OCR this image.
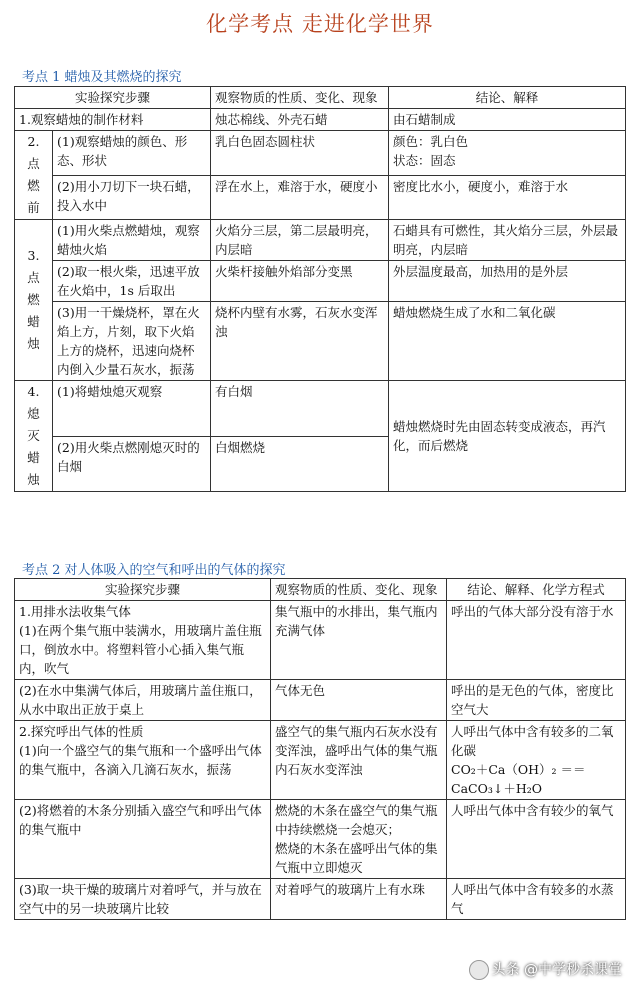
化学考点 走进化学世界
考点 1 蜡烛及其燃烧的探究
实验探究步骤		观察物质的性质、变化、现象	结论、解释
1.观察蜡烛的制作材料		烛芯棉线、外壳石蜡	由石蜡制成

2.
点
燃
前	(1)观察蜡烛的颜色、形态、形状	乳白色固态圆柱状	颜色：乳白色
状态：固态
	(2)用小刀切下一块石蜡，投入水中	浮在水上，难溶于水，硬度小	密度比水小，硬度小，难溶于水

3.
点
燃
蜡
烛	(1)用火柴点燃蜡烛，观察蜡烛火焰	火焰分三层，第二层最明亮，内层暗	石蜡具有可燃性，其火焰分三层，外层最明亮，内层暗
	(2)取一根火柴，迅速平放在火焰中，1s 后取出	火柴杆接触外焰部分变黑	外层温度最高，加热用的是外层
	(3)用一干燥烧杯，罩在火焰上方，片刻，取下火焰上方的烧杯，迅速向烧杯内倒入少量石灰水，振荡	烧杯内壁有水雾，石灰水变浑浊	蜡烛燃烧生成了水和二氧化碳

4.
熄
灭
蜡
烛	(1)将蜡烛熄灭观察	有白烟	蜡烛燃烧时先由固态转变成液态，再汽化，而后燃烧
	(2)用火柴点燃刚熄灭时的白烟	白烟燃烧	
考点 2 对人体吸入的空气和呼出的气体的探究
实验探究步骤	观察物质的性质、变化、现象	结论、解释、化学方程式
1.用排水法收集气体
(1)在两个集气瓶中装满水，用玻璃片盖住瓶口，倒放水中。将塑料管小心插入集气瓶内，吹气	集气瓶中的水排出，集气瓶内充满气体	呼出的气体大部分没有溶于水
(2)在水中集满气体后，用玻璃片盖住瓶口，从水中取出正放于桌上	气体无色	呼出的是无色的气体，密度比空气大
2.探究呼出气体的性质
(1)向一个盛空气的集气瓶和一个盛呼出气体的集气瓶中，各滴入几滴石灰水，振荡	盛空气的集气瓶内石灰水没有变浑浊，盛呼出气体的集气瓶内石灰水变浑浊	人呼出气体中含有较多的二氧化碳
CO₂＋Ca（OH）₂ ＝＝
CaCO₃↓＋H₂O
(2)将燃着的木条分别插入盛空气和呼出气体的集气瓶中	燃烧的木条在盛空气的集气瓶中持续燃烧一会熄灭；
燃烧的木条在盛呼出气体的集气瓶中立即熄灭	人呼出气体中含有较少的氧气
(3)取一块干燥的玻璃片对着呼气，并与放在空气中的另一块玻璃片比较	对着呼气的玻璃片上有水珠	人呼出气体中含有较多的水蒸气
头条 @中学秒杀课堂
